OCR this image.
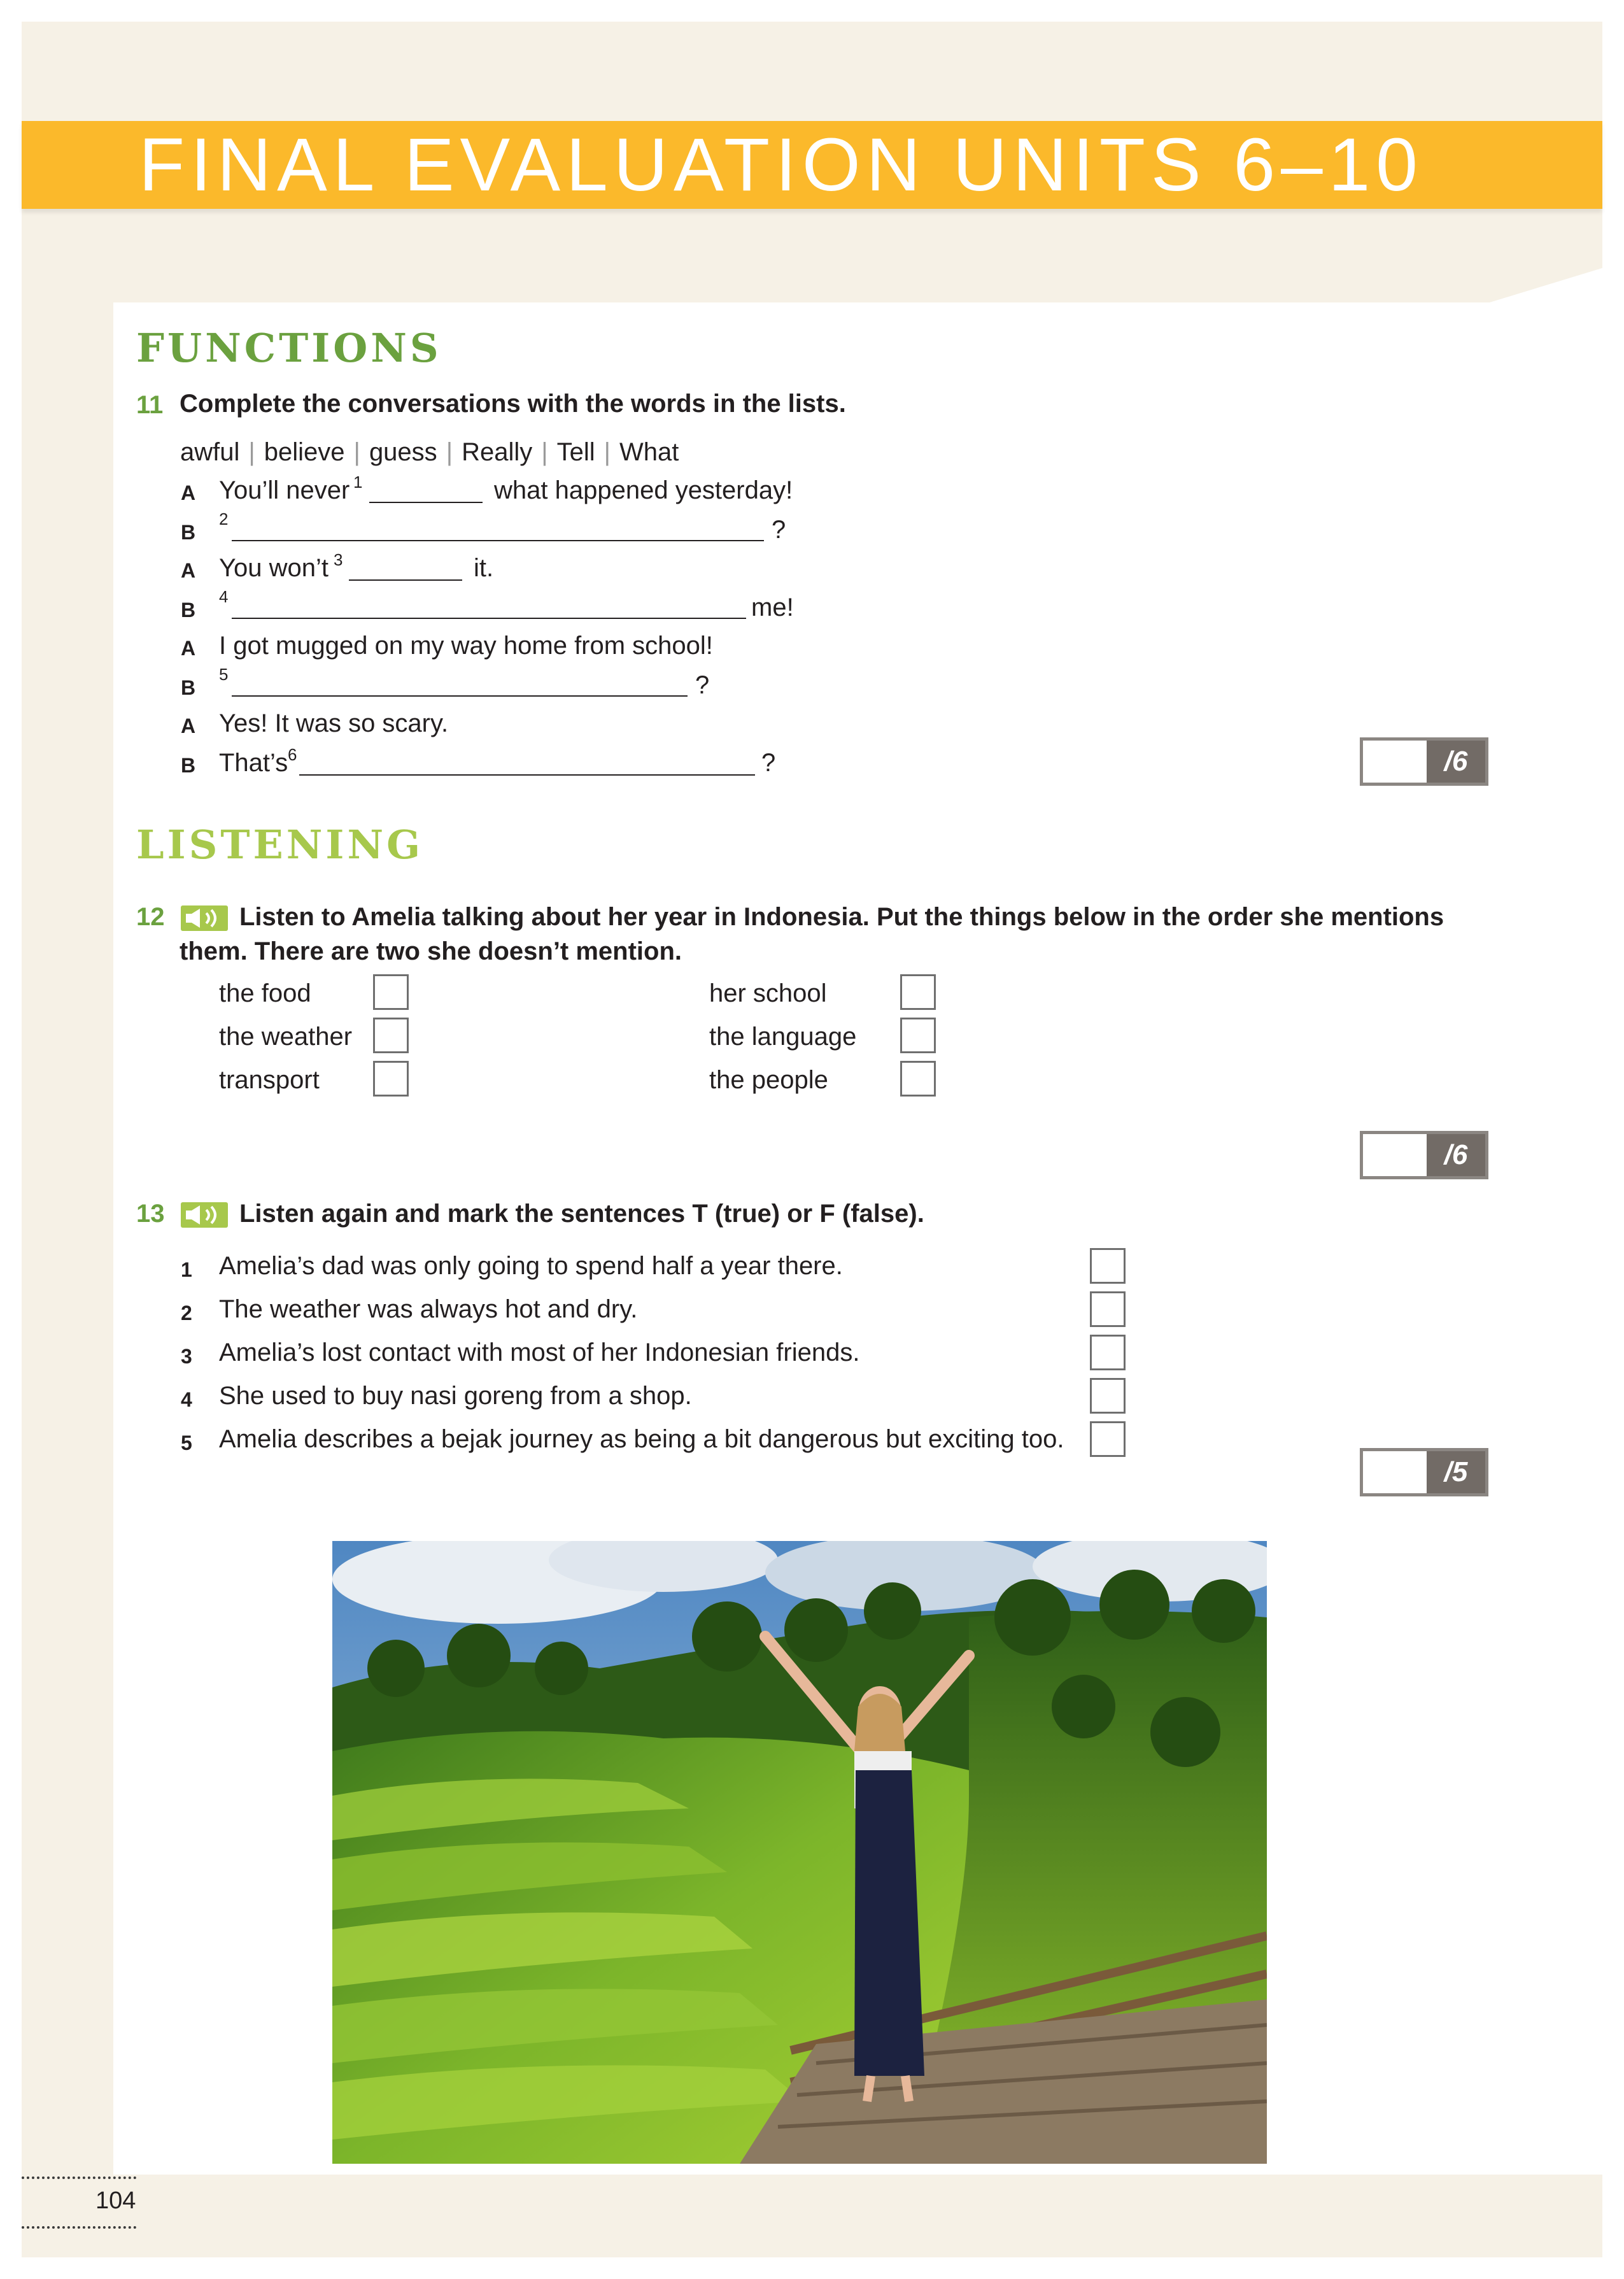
FINAL EVALUATION UNITS 6–10
FUNCTIONS
11 Complete the conversations with the words in the lists.
awful | believe | guess | Really | Tell | What
A You’ll never 1	what happened yesterday!
B
2	?
A You won’t 3	it.
B
4	me!
A I got mugged on my way home from school!
B
5	?
A Yes! It was so scary.
B That’s 6	?	/6
LISTENING
12	Listen to Amelia talking about her year in Indonesia. Put the things below in the order she mentions
them. There are two she doesn’t mention.
the food
the weather
transport
her school
the language
the people
/6
13	Listen again and mark the sentences T (true) or F (false).
1 Amelia’s dad was only going to spend half a year there.
2 The weather was always hot and dry.
3 Amelia’s lost contact with most of her Indonesian friends.
4 She used to buy nasi goreng from a shop.
5 Amelia describes a bejak journey as being a bit dangerous but exciting too.
/5
104
